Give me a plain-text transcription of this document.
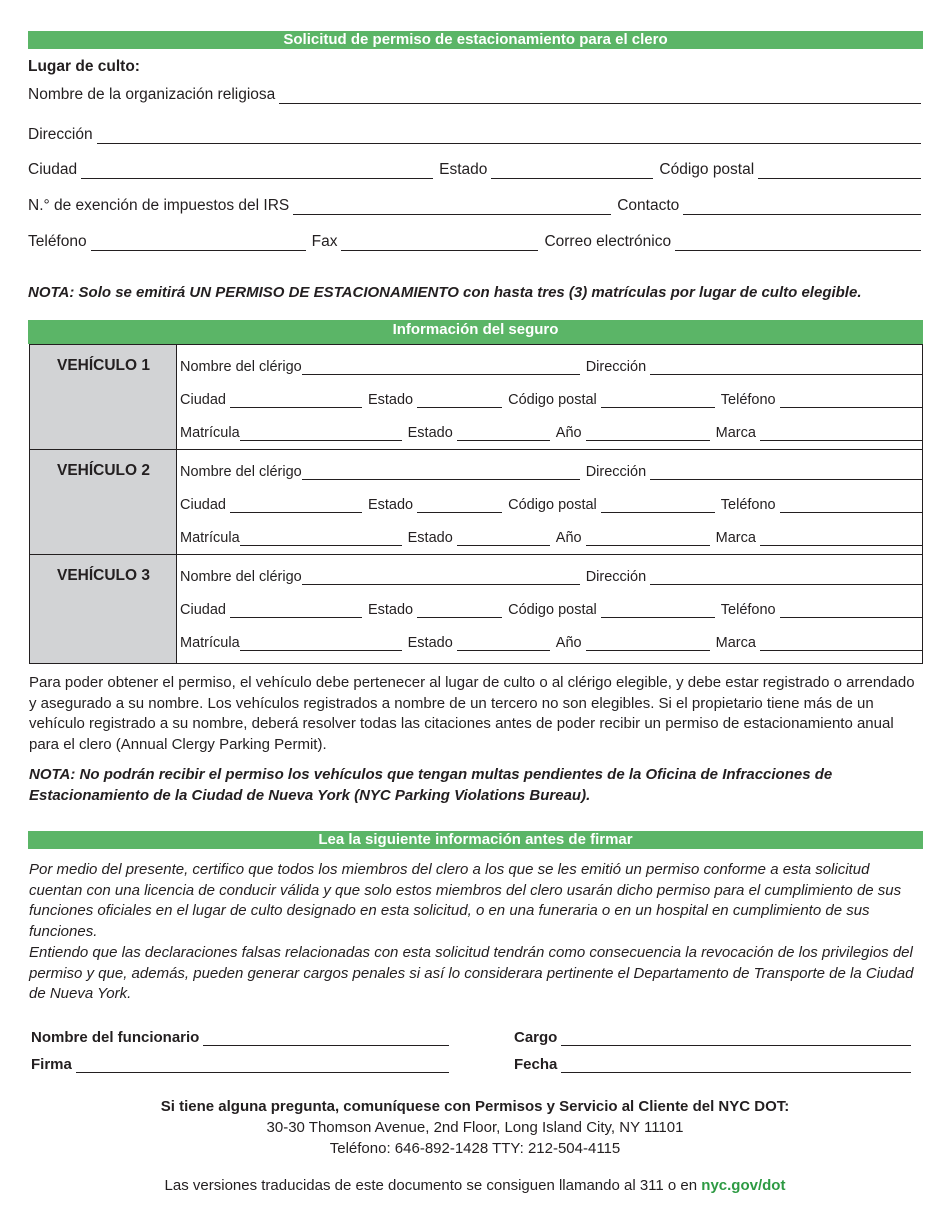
Solicitud de permiso de estacionamiento para el clero
Lugar de culto:
Nombre de la organización religiosa
Dirección
Ciudad	Estado	Código postal
N.° de exención de impuestos del IRS	Contacto
Teléfono	Fax	Correo electrónico
NOTA: Solo se emitirá UN PERMISO DE ESTACIONAMIENTO con hasta tres (3) matrículas por lugar de culto elegible.
Información del seguro
VEHÍCULO 1	Nombre del clérigo	Dirección
Ciudad	Estado	Código postal	Teléfono
Matrícula	Estado	Año	Marca
VEHÍCULO 2	Nombre del clérigo	Dirección
Ciudad	Estado	Código postal	Teléfono
Matrícula	Estado	Año	Marca
VEHÍCULO 3	Nombre del clérigo	Dirección
Ciudad	Estado	Código postal	Teléfono
Matrícula	Estado	Año	Marca
Para poder obtener el permiso, el vehículo debe pertenecer al lugar de culto o al clérigo elegible, y debe estar registrado o arrendado y asegurado a su nombre. Los vehículos registrados a nombre de un tercero no son elegibles. Si el propietario tiene más de un vehículo registrado a su nombre, deberá resolver todas las citaciones antes de poder recibir un permiso de estacionamiento anual para el clero (Annual Clergy Parking Permit).
NOTA: No podrán recibir el permiso los vehículos que tengan multas pendientes de la Oficina de Infracciones de Estacionamiento de la Ciudad de Nueva York (NYC Parking Violations Bureau).
Lea la siguiente información antes de firmar
Por medio del presente, certifico que todos los miembros del clero a los que se les emitió un permiso conforme a esta solicitud cuentan con una licencia de conducir válida y que solo estos miembros del clero usarán dicho permiso para el cumplimiento de sus funciones oficiales en el lugar de culto designado en esta solicitud, o en una funeraria o en un hospital en cumplimiento de sus funciones.
Entiendo que las declaraciones falsas relacionadas con esta solicitud tendrán como consecuencia la revocación de los privilegios del permiso y que, además, pueden generar cargos penales si así lo considerara pertinente el Departamento de Transporte de la Ciudad de Nueva York.
Nombre del funcionario	Cargo
Firma	Fecha
Si tiene alguna pregunta, comuníquese con Permisos y Servicio al Cliente del NYC DOT:
30-30 Thomson Avenue, 2nd Floor, Long Island City, NY 11101
Teléfono: 646-892-1428 TTY: 212-504-4115
Las versiones traducidas de este documento se consiguen llamando al 311 o en nyc.gov/dot
